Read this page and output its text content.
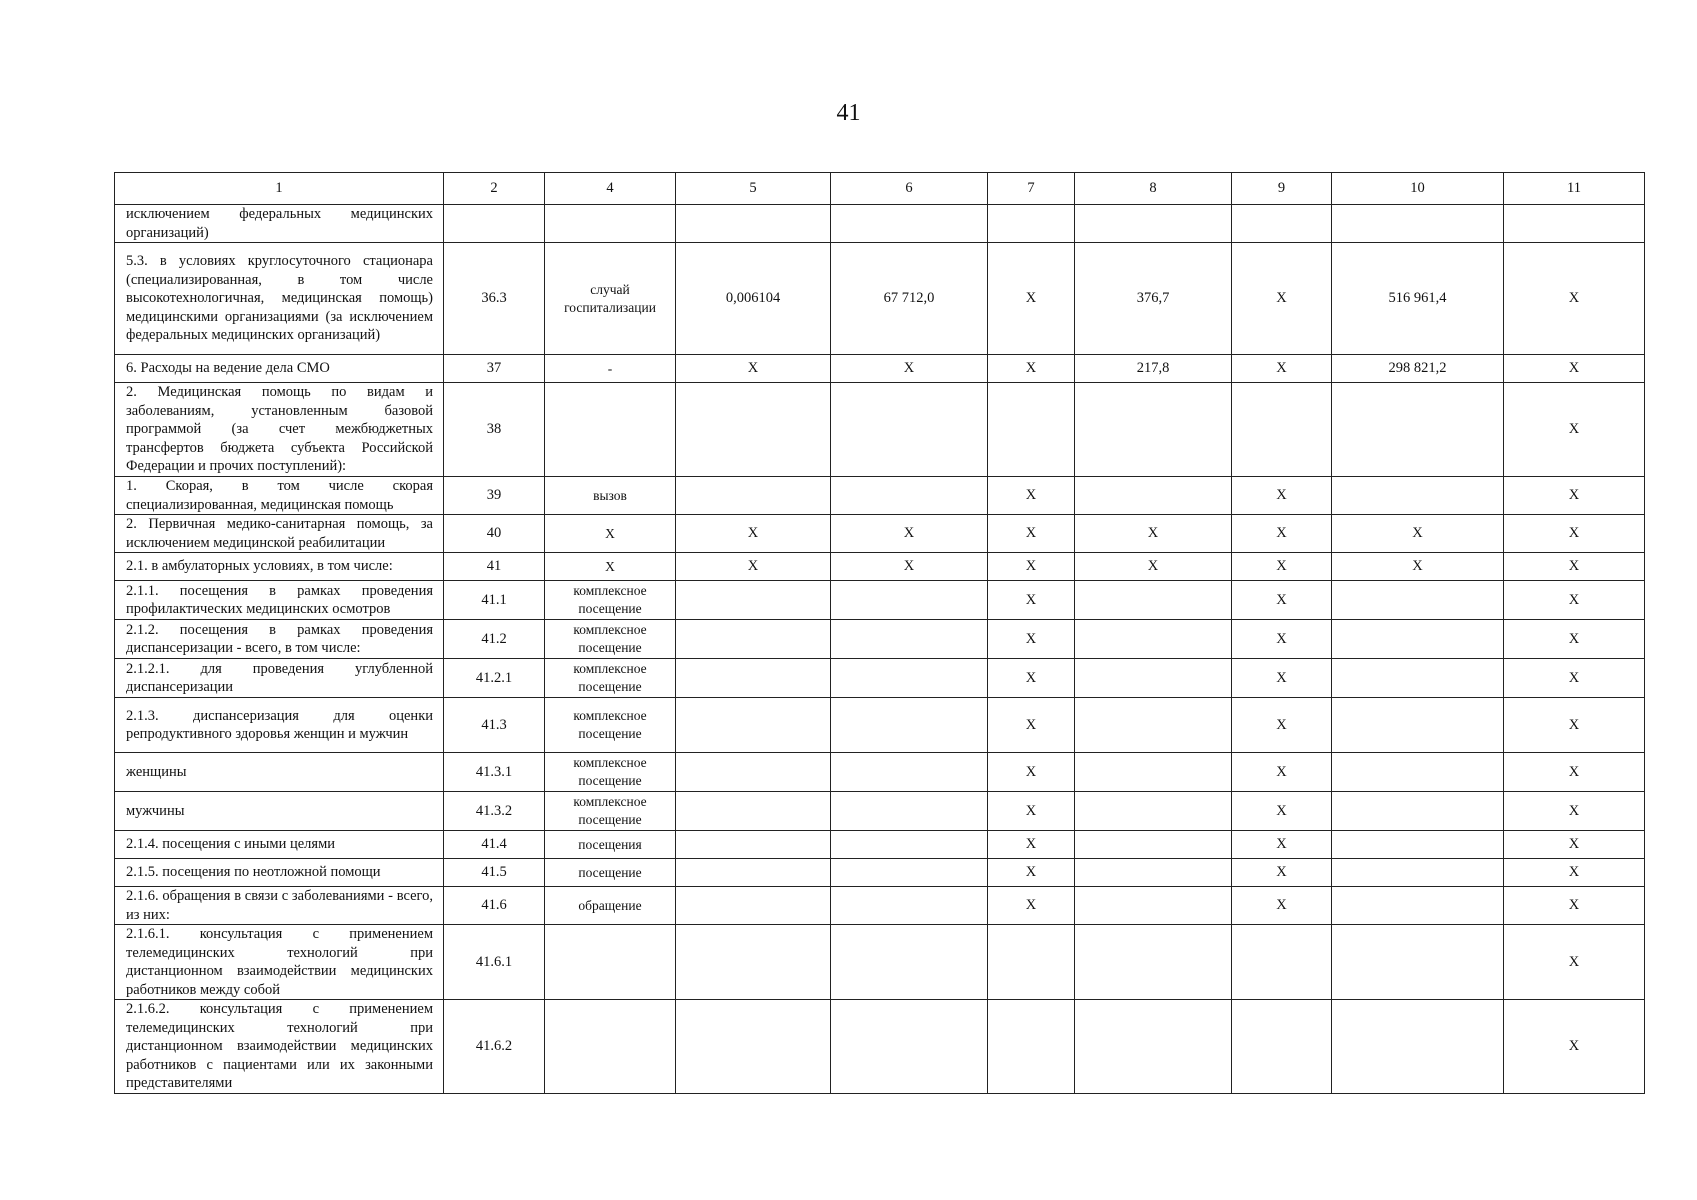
41
1	2	4	5	6	7	8	9	10	11
исключением федеральных медицинских организаций)									
5.3. в условиях круглосуточного стационара (специализированная, в том числе высокотехнологичная, медицинская помощь) медицинскими организациями (за исключением федеральных медицинских организаций)	36.3	случай госпитализации	0,006104	67 712,0	X	376,7	X	516 961,4	X
6. Расходы на ведение дела СМО	37	-	X	X	X	217,8	X	298 821,2	X
2. Медицинская помощь по видам и заболеваниям, установленным базовой программой (за счет межбюджетных трансфертов бюджета субъекта Российской Федерации и прочих поступлений):	38								X
1. Скорая, в том числе скорая специализированная, медицинская помощь	39	вызов			X		X		X
2. Первичная медико-санитарная помощь, за исключением медицинской реабилитации	40	X	X	X	X	X	X	X	X
2.1. в амбулаторных условиях, в том числе:	41	X	X	X	X	X	X	X	X
2.1.1. посещения в рамках проведения профилактических медицинских осмотров	41.1	комплексное посещение			X		X		X
2.1.2. посещения в рамках проведения диспансеризации - всего, в том числе:	41.2	комплексное посещение			X		X		X
2.1.2.1. для проведения углубленной диспансеризации	41.2.1	комплексное посещение			X		X		X
2.1.3. диспансеризация для оценки репродуктивного здоровья женщин и мужчин	41.3	комплексное посещение			X		X		X
женщины	41.3.1	комплексное посещение			X		X		X
мужчины	41.3.2	комплексное посещение			X		X		X
2.1.4. посещения с иными целями	41.4	посещения			X		X		X
2.1.5. посещения по неотложной помощи	41.5	посещение			X		X		X
2.1.6. обращения в связи с заболеваниями - всего, из них:	41.6	обращение			X		X		X
2.1.6.1. консультация с применением телемедицинских технологий при дистанционном взаимодействии медицинских работников между собой	41.6.1								X
2.1.6.2. консультация с применением телемедицинских технологий при дистанционном взаимодействии медицинских работников с пациентами или их законными представителями	41.6.2								X
